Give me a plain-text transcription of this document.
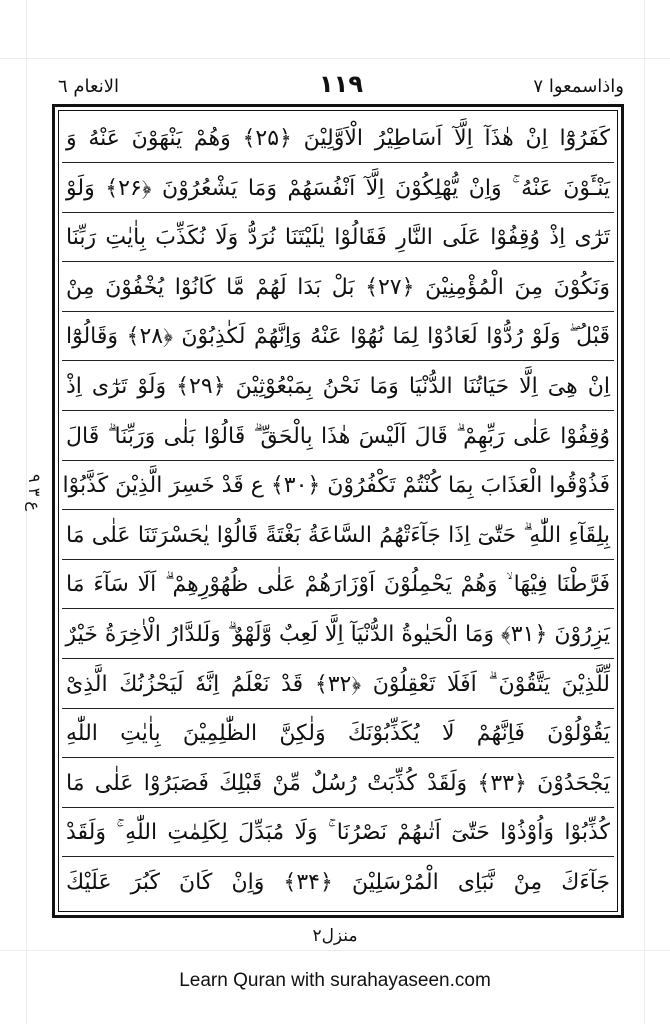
واذاسمعوا ٧
١١٩
الانعام ٦
ع ۳ ۹
كَفَرُوْٓا اِنْ هٰذَآ اِلَّآ اَسَاطِيْرُ الْاَوَّلِيْنَ ﴿۲۵﴾ وَهُمْ يَنْهَوْنَ عَنْهُ وَ
يَنْـَٔوْنَ عَنْهُ ۚ وَاِنْ يُّهْلِكُوْنَ اِلَّآ اَنْفُسَهُمْ وَمَا يَشْعُرُوْنَ ﴿۲۶﴾ وَلَوْ
تَرٰٓى اِذْ وُقِفُوْا عَلَى النَّارِ فَقَالُوْا يٰلَيْتَنَا نُرَدُّ وَلَا نُكَذِّبَ بِاٰيٰتِ رَبِّنَا
وَنَكُوْنَ مِنَ الْمُؤْمِنِيْنَ ﴿۲۷﴾ بَلْ بَدَا لَهُمْ مَّا كَانُوْا يُخْفُوْنَ مِنْ
قَبْلُ ۖ وَلَوْ رُدُّوْا لَعَادُوْا لِمَا نُهُوْا عَنْهُ وَاِنَّهُمْ لَكٰذِبُوْنَ ﴿۲۸﴾ وَقَالُوْٓا
اِنْ هِىَ اِلَّا حَيَاتُنَا الدُّنْيَا وَمَا نَحْنُ بِمَبْعُوْثِيْنَ ﴿۲۹﴾ وَلَوْ تَرٰٓى اِذْ
وُقِفُوْا عَلٰى رَبِّهِمْ ۗ قَالَ اَلَيْسَ هٰذَا بِالْحَقِّ ۗ قَالُوْا بَلٰى وَرَبِّنَا ۗ قَالَ
فَذُوْقُوا الْعَذَابَ بِمَا كُنْتُمْ تَكْفُرُوْنَ ﴿۳۰﴾ ع قَدْ خَسِرَ الَّذِيْنَ كَذَّبُوْا
بِلِقَآءِ اللّٰهِ ۗ حَتّٰىٓ اِذَا جَآءَتْهُمُ السَّاعَةُ بَغْتَةً قَالُوْا يٰحَسْرَتَنَا عَلٰى مَا
فَرَّطْنَا فِيْهَا ۙ وَهُمْ يَحْمِلُوْنَ اَوْزَارَهُمْ عَلٰى ظُهُوْرِهِمْ ۗ اَلَا سَآءَ مَا
يَزِرُوْنَ ﴿۳۱﴾ وَمَا الْحَيٰوةُ الدُّنْيَآ اِلَّا لَعِبٌ وَّلَهْوٌ ۗ وَلَلدَّارُ الْاٰخِرَةُ خَيْرٌ
لِّلَّذِيْنَ يَتَّقُوْنَ ۗ اَفَلَا تَعْقِلُوْنَ ﴿۳۲﴾ قَدْ نَعْلَمُ اِنَّهٗ لَيَحْزُنُكَ الَّذِىْ
يَقُوْلُوْنَ فَاِنَّهُمْ لَا يُكَذِّبُوْنَكَ وَلٰكِنَّ الظّٰلِمِيْنَ بِاٰيٰتِ اللّٰهِ
يَجْحَدُوْنَ ﴿۳۳﴾ وَلَقَدْ كُذِّبَتْ رُسُلٌ مِّنْ قَبْلِكَ فَصَبَرُوْا عَلٰى مَا
كُذِّبُوْا وَاُوْذُوْا حَتّٰىٓ اَتٰىهُمْ نَصْرُنَا ۚ وَلَا مُبَدِّلَ لِكَلِمٰتِ اللّٰهِ ۚ وَلَقَدْ
جَآءَكَ مِنْ نَّبَاِى الْمُرْسَلِيْنَ ﴿۳۴﴾ وَاِنْ كَانَ كَبُرَ عَلَيْكَ
منزل٢
Learn Quran with surahayaseen.com
